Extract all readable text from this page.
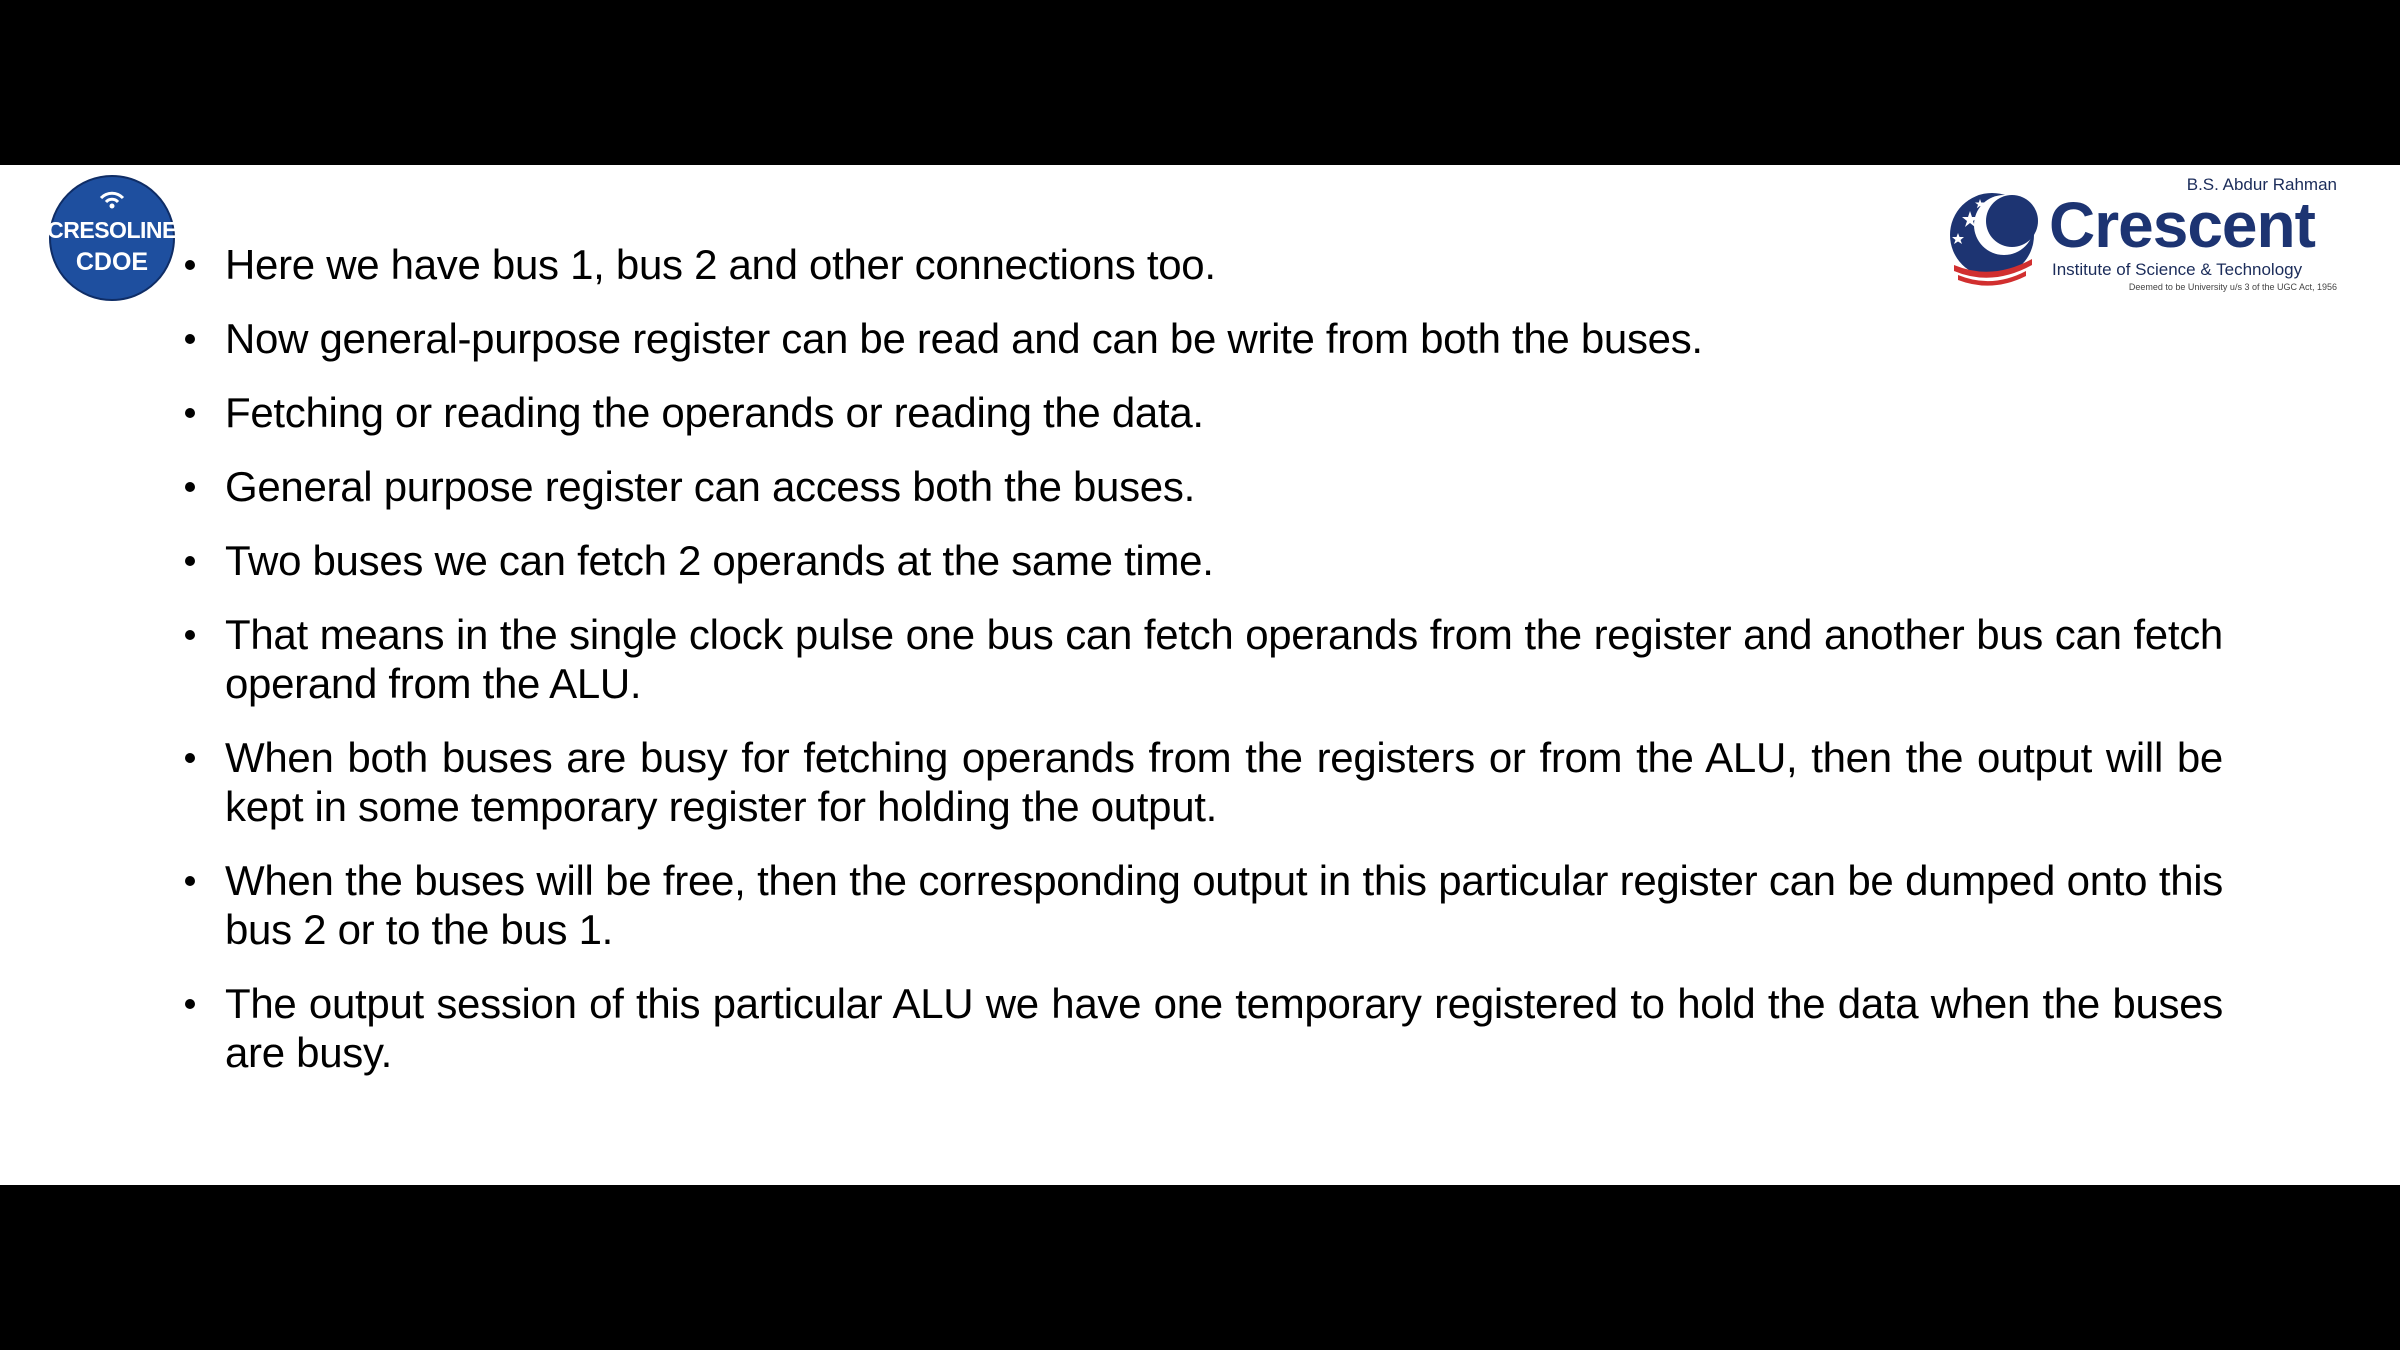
CRESOLINE
CDOE
B.S. Abdur Rahman
Crescent
Institute of Science & Technology
Deemed to be University u/s 3 of the UGC Act, 1956
Here we have bus 1, bus 2 and other connections too.
Now general-purpose register can be read and can be write from both the buses.
Fetching or reading the operands or reading the data.
General purpose register can access both the buses.
Two buses we can fetch 2 operands at the same time.
That means in the single clock pulse one bus can fetch operands from the register and another bus can fetch operand from the ALU.
When both buses are busy for fetching operands from the registers or from the ALU, then the output will be kept in some temporary register for holding the output.
When the buses will be free, then the corresponding output in this particular register can be dumped onto this bus 2 or to the bus 1.
The output session of this particular ALU we have one temporary registered to hold the data when the buses are busy.
